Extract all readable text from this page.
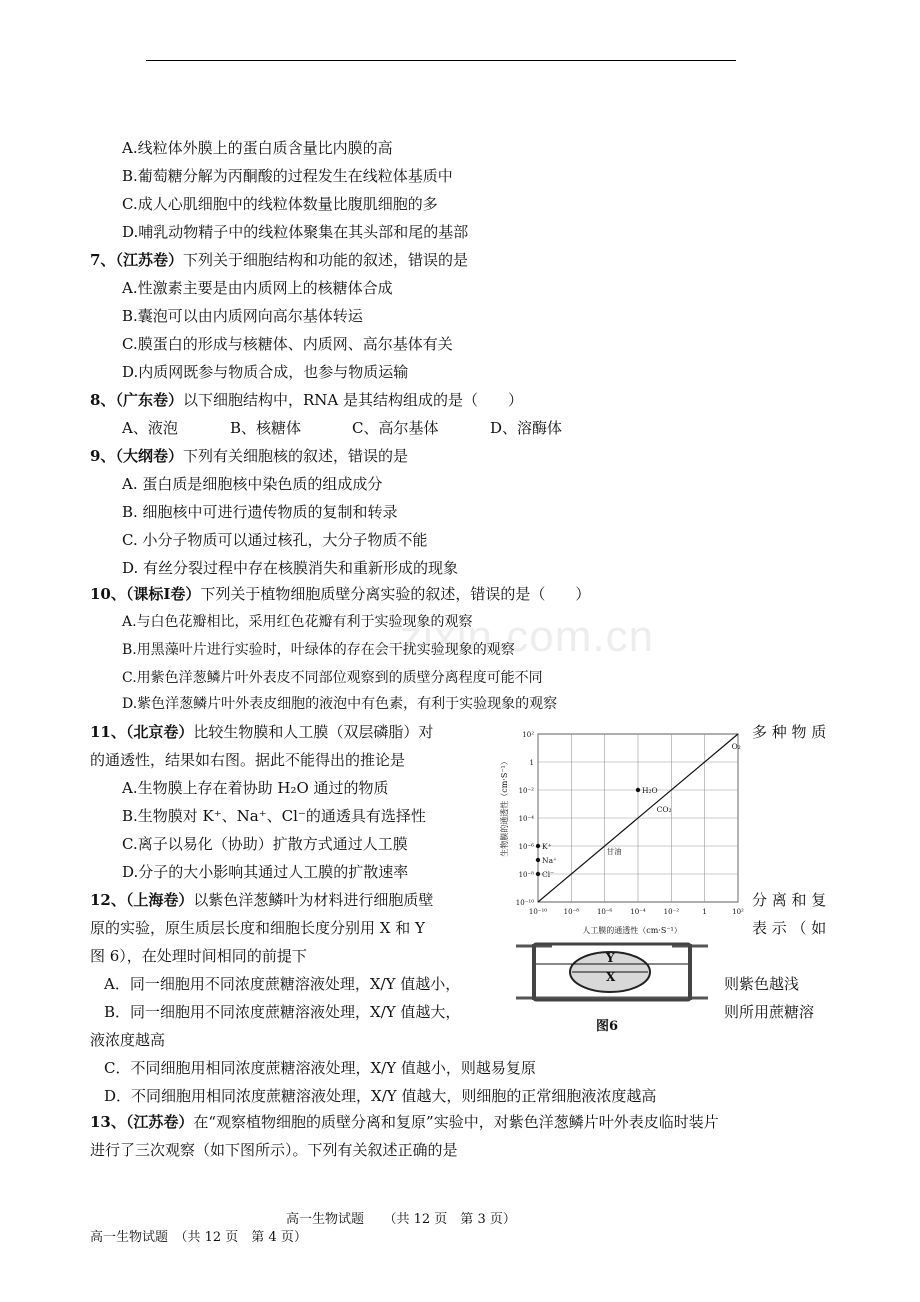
A.线粒体外膜上的蛋白质含量比内膜的高
B.葡萄糖分解为丙酮酸的过程发生在线粒体基质中
C.成人心肌细胞中的线粒体数量比腹肌细胞的多
D.哺乳动物精子中的线粒体聚集在其头部和尾的基部
7、（江苏卷）下列关于细胞结构和功能的叙述，错误的是
A.性激素主要是由内质网上的核糖体合成
B.囊泡可以由内质网向高尔基体转运
C.膜蛋白的形成与核糖体、内质网、高尔基体有关
D.内质网既参与物质合成，也参与物质运输
8、（广东卷）以下细胞结构中，RNA 是其结构组成的是（　　）
A、液泡	B、核糖体	C、高尔基体	D、溶酶体
9、（大纲卷）下列有关细胞核的叙述，错误的是
A. 蛋白质是细胞核中染色质的组成成分
B. 细胞核中可进行遗传物质的复制和转录
C. 小分子物质可以通过核孔，大分子物质不能
D. 有丝分裂过程中存在核膜消失和重新形成的现象
10、（课标Ⅰ卷）下列关于植物细胞质壁分离实验的叙述，错误的是（　　）
A.与白色花瓣相比，采用红色花瓣有利于实验现象的观察
B.用黑藻叶片进行实验时，叶绿体的存在会干扰实验现象的观察
C.用紫色洋葱鳞片叶外表皮不同部位观察到的质壁分离程度可能不同
D.紫色洋葱鳞片叶外表皮细胞的液泡中有色素，有利于实验现象的观察
zixin.com.cn
11、（北京卷）比较生物膜和人工膜（双层磷脂）对	多 种 物 质
的通透性，结果如右图。据此不能得出的推论是
A.生物膜上存在着协助 H₂O 通过的物质
B.生物膜对 K⁺、Na⁺、Cl⁻的通透具有选择性
C.离子以易化（协助）扩散方式通过人工膜
D.分子的大小影响其通过人工膜的扩散速率
10⁻¹⁰ 10⁻⁸	10⁻⁶	10⁻⁴	10⁻²	1	10²
10²
1
10⁻²
10⁻⁴
10⁻⁶
10⁻⁸
10⁻¹⁰
H₂O
K⁺
Na⁺
Cl⁻
O₂
CO₂
甘油
人工膜的通透性（cm·S⁻¹）
生物膜的通透性（cm·S⁻¹）
12、（上海卷）以紫色洋葱鳞叶为材料进行细胞质壁	分 离 和 复
原的实验，原生质层长度和细胞长度分别用 X 和 Y	表 示 （ 如
图 6），在处理时间相同的前提下
A．同一细胞用不同浓度蔗糖溶液处理，X/Y 值越小，	则紫色越浅
B．同一细胞用不同浓度蔗糖溶液处理，X/Y 值越大，	则所用蔗糖溶
液浓度越高
C．不同细胞用相同浓度蔗糖溶液处理，X/Y 值越小，则越易复原
D．不同细胞用相同浓度蔗糖溶液处理，X/Y 值越大，则细胞的正常细胞液浓度越高
Y
X
图6
13、（江苏卷）在“观察植物细胞的质壁分离和复原”实验中，对紫色洋葱鳞片叶外表皮临时装片
进行了三次观察（如下图所示）。下列有关叙述正确的是
高一生物试题　　（共 12 页　第 3 页）
高一生物试题　（共 12 页　第 4 页）
